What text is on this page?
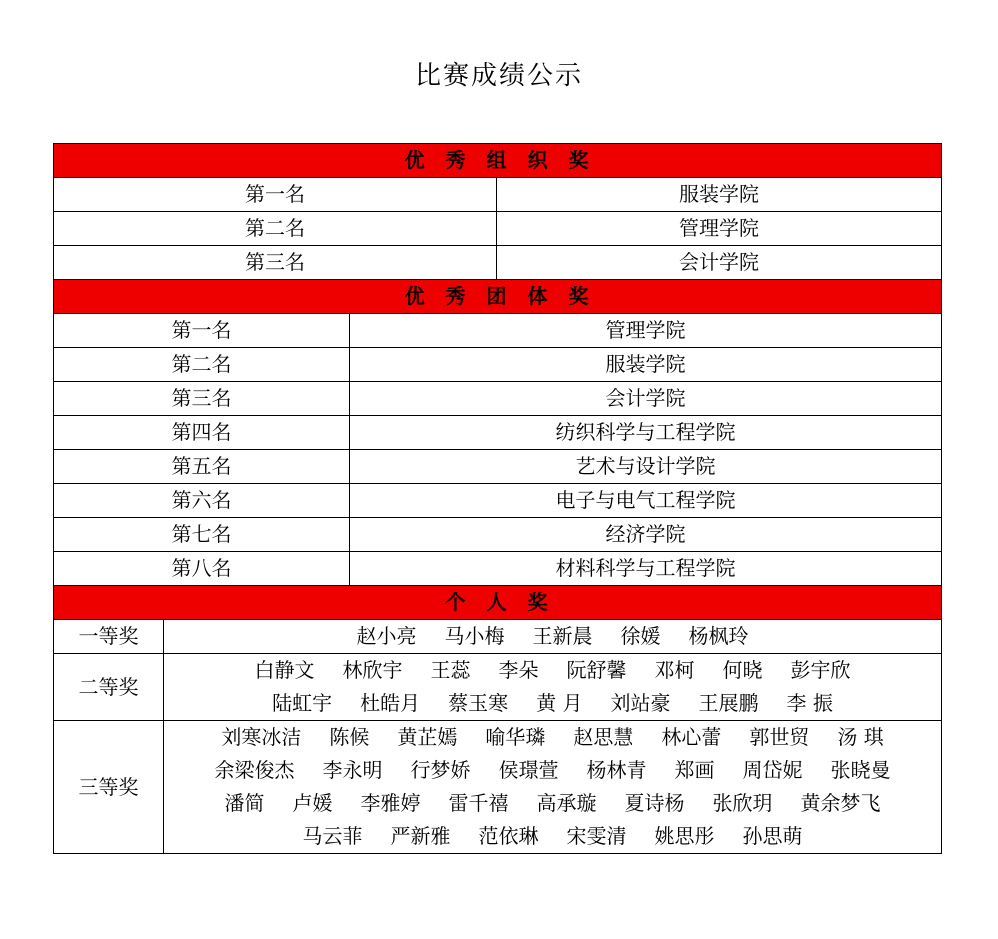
比赛成绩公示
优 秀 组 织 奖			
第一名			服装学院
第二名			管理学院
第三名			会计学院
优 秀 团 体 奖			
第一名		管理学院	
第二名		服装学院	
第三名		会计学院	
第四名		纺织科学与工程学院	
第五名		艺术与设计学院	
第六名		电子与电气工程学院	
第七名		经济学院	
第八名		材料科学与工程学院	
个 人 奖			
一等奖	赵小亮 马小梅 王新晨 徐媛 杨枫玲		

二等奖	白静文 林欣宇 王蕊 李朵 阮舒馨 邓柯 何晓 彭宇欣
陆虹宇 杜皓月 蔡玉寒 黄 月 刘站豪 王展鹏 李 振		

三等奖	刘寒冰洁 陈候 黄芷嫣 喻华璘 赵思慧 林心蕾 郭世贸 汤 琪
余梁俊杰 李永明 行梦娇 侯璟萱 杨林青 郑画 周岱妮 张晓曼
潘简 卢媛 李雅婷 雷千禧 高承璇 夏诗杨 张欣玥 黄余梦飞
马云菲 严新雅 范依琳 宋雯清 姚思彤 孙思萌		
